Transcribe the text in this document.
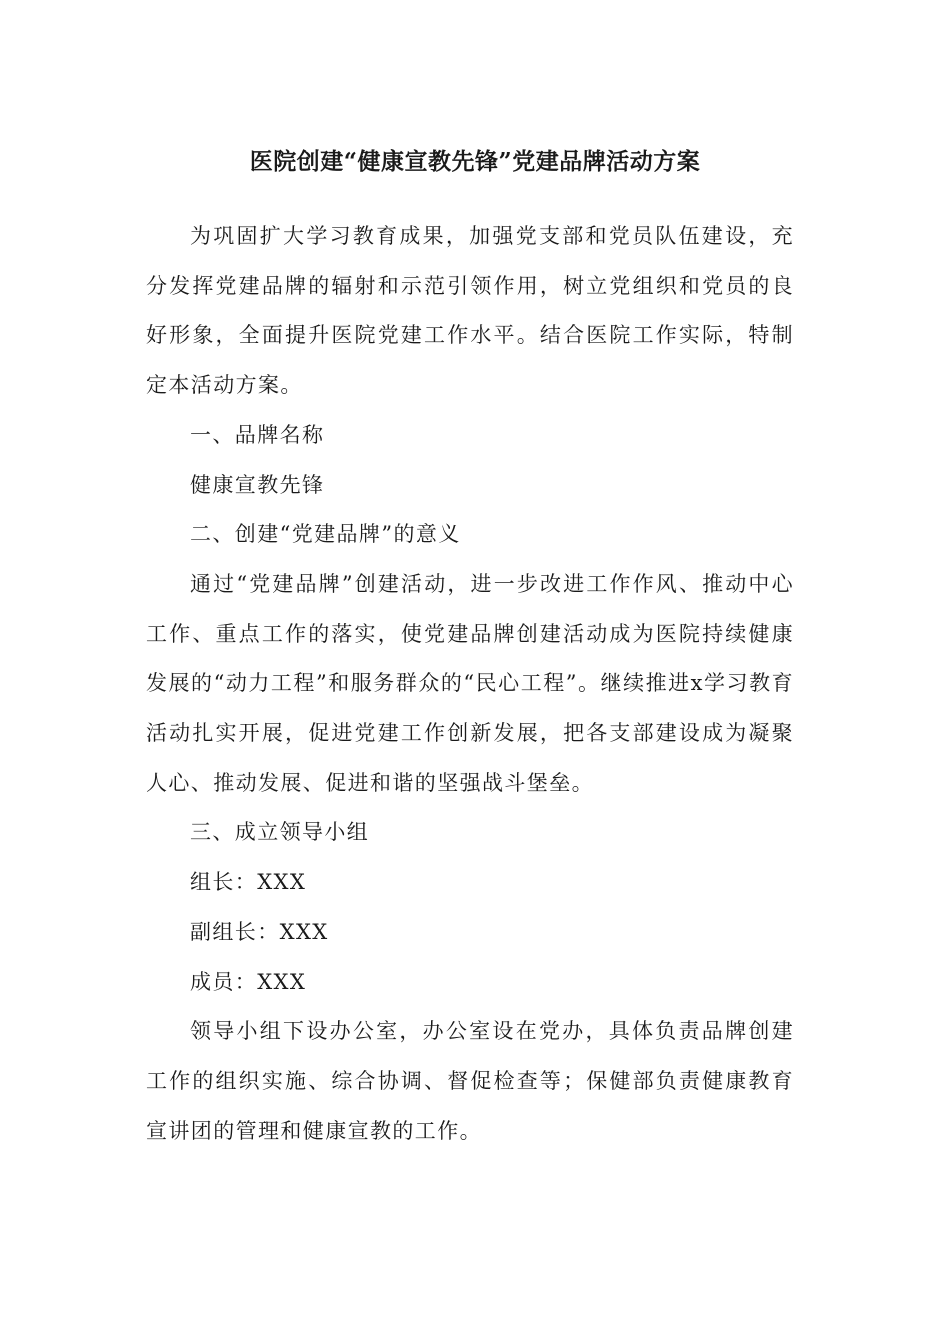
医院创建“健康宣教先锋”党建品牌活动方案

为巩固扩大学习教育成果，加强党支部和党员队伍建设，充分发挥党建品牌的辐射和示范引领作用，树立党组织和党员的良好形象，全面提升医院党建工作水平。结合医院工作实际，特制定本活动方案。

一、品牌名称

健康宣教先锋

二、创建“党建品牌”的意义

通过“党建品牌”创建活动，进一步改进工作作风、推动中心工作、重点工作的落实，使党建品牌创建活动成为医院持续健康发展的“动力工程”和服务群众的“民心工程”。继续推进x学习教育活动扎实开展，促进党建工作创新发展，把各支部建设成为凝聚人心、推动发展、促进和谐的坚强战斗堡垒。

三、成立领导小组

组长：XXX

副组长：XXX

成员：XXX

领导小组下设办公室，办公室设在党办，具体负责品牌创建工作的组织实施、综合协调、督促检查等；保健部负责健康教育宣讲团的管理和健康宣教的工作。
